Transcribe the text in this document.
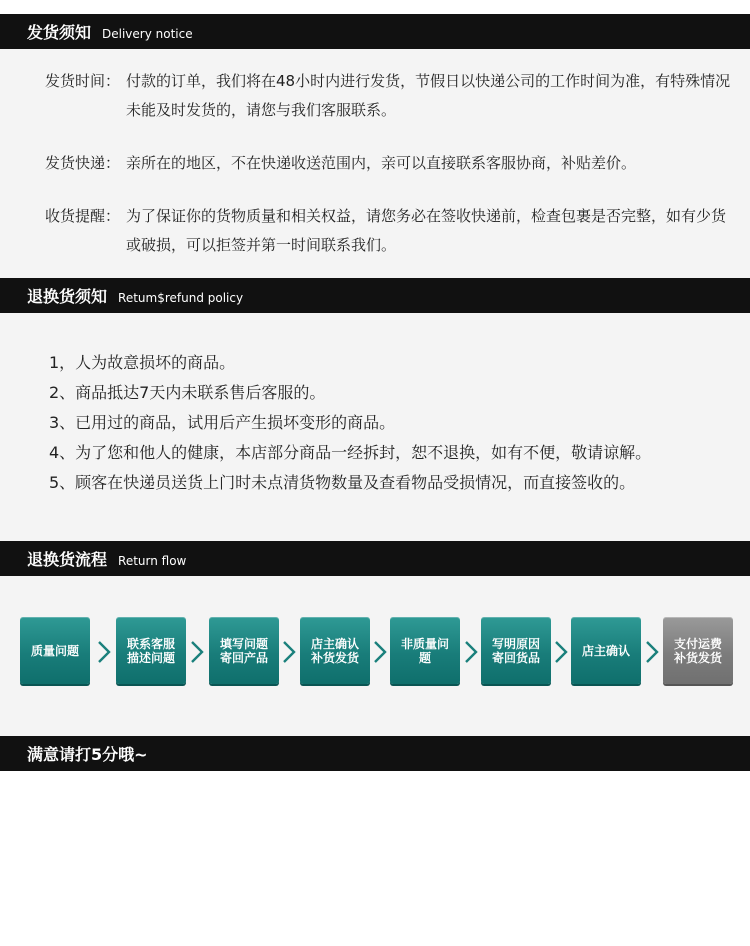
发货须知 Delivery notice
发货时间： 付款的订单，我们将在48小时内进行发货，节假日以快递公司的工作时间为准，有特殊情况未能及时发货的，请您与我们客服联系。
发货快递： 亲所在的地区，不在快递收送范围内，亲可以直接联系客服协商，补贴差价。
收货提醒： 为了保证你的货物质量和相关权益，请您务必在签收快递前，检查包裹是否完整，如有少货或破损，可以拒签并第一时间联系我们。
退换货须知 Retum$refund policy
1，人为故意损坏的商品。
2、商品抵达7天内未联系售后客服的。
3、已用过的商品，试用后产生损坏变形的商品。
4、为了您和他人的健康，本店部分商品一经拆封，恕不退换，如有不便，敬请谅解。
5、顾客在快递员送货上门时未点清货物数量及查看物品受损情况，而直接签收的。
退换货流程 Return flow
质量问题	联系客服描述问题
填写问题寄回产品
店主确认补货发货
非质量问题
写明原因寄回货品	店主确认	支付运费补货发货
满意请打5分哦~
